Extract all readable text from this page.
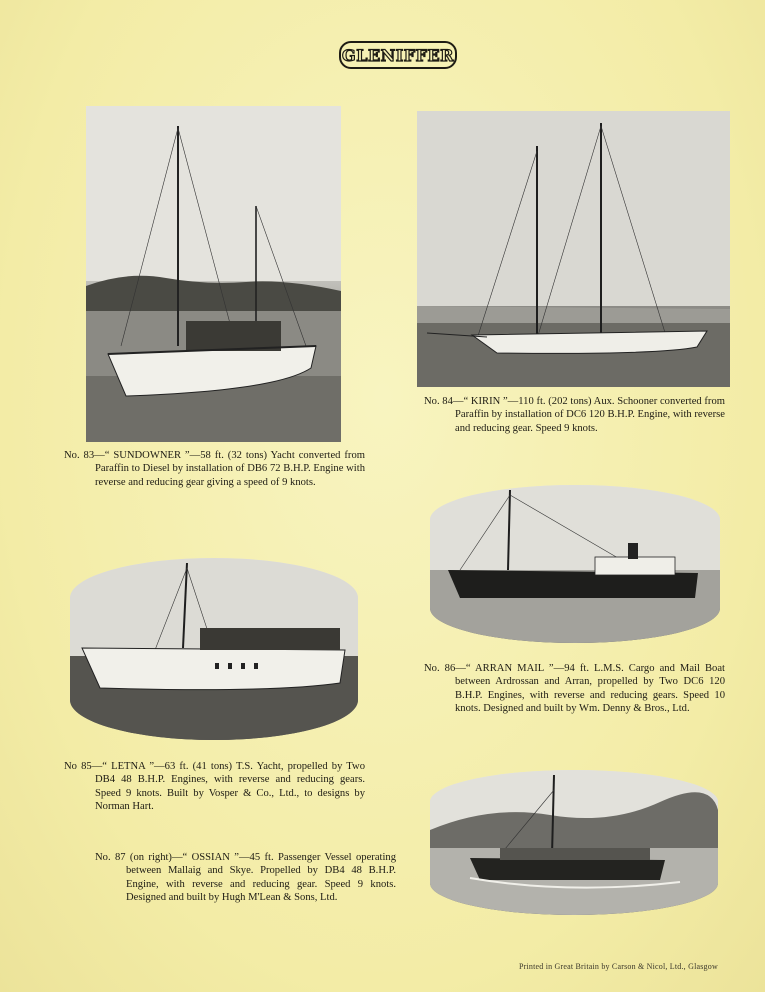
GLENIFFER

No. 83—“ SUNDOWNER ”—58 ft. (32 tons) Yacht converted from Paraffin to Diesel by installation of DB6 72 B.H.P. Engine with reverse and reducing gear giving a speed of 9 knots.

No. 84—“ KIRIN ”—110 ft. (202 tons) Aux. Schooner converted from Paraffin by installation of DC6 120 B.H.P. Engine, with reverse and reducing gear. Speed 9 knots.

No 85—“ LETNA ”—63 ft. (41 tons) T.S. Yacht, propelled by Two DB4 48 B.H.P. Engines, with reverse and reducing gears. Speed 9 knots. Built by Vosper & Co., Ltd., to designs by Norman Hart.

No. 86—“ ARRAN MAIL ”—94 ft. L.M.S. Cargo and Mail Boat between Ardrossan and Arran, propelled by Two DC6 120 B.H.P. Engines, with reverse and reducing gears. Speed 10 knots. Designed and built by Wm. Denny & Bros., Ltd.

No. 87 (on right)—“ OSSIAN ”—45 ft. Passenger Vessel operating between Mallaig and Skye. Propelled by DB4 48 B.H.P. Engine, with reverse and reducing gear. Speed 9 knots. Designed and built by Hugh M'Lean & Sons, Ltd.

Printed in Great Britain by Carson & Nicol, Ltd., Glasgow
